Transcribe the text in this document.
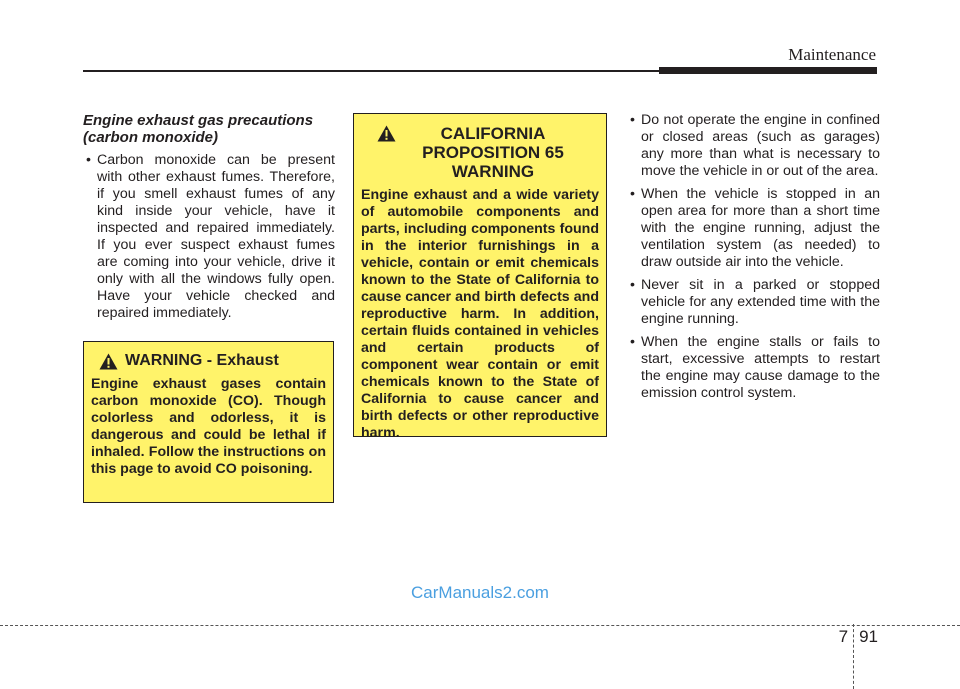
Maintenance

Engine exhaust gas precautions (carbon monoxide)

• Carbon monoxide can be present with other exhaust fumes. Therefore, if you smell exhaust fumes of any kind inside your vehicle, have it inspected and repaired immediately. If you ever suspect exhaust fumes are coming into your vehicle, drive it only with all the windows fully open. Have your vehicle checked and repaired immediately.
WARNING - Exhaust

Engine exhaust gases contain carbon monoxide (CO). Though colorless and odorless, it is dangerous and could be lethal if inhaled. Follow the instructions on this page to avoid CO poisoning.

CALIFORNIA PROPOSITION 65 WARNING

Engine exhaust and a wide variety of automobile components and parts, including components found in the interior furnishings in a vehicle, contain or emit chemicals known to the State of California to cause cancer and birth defects and reproductive harm. In addition, certain fluids contained in vehicles and certain products of component wear contain or emit chemicals known to the State of California to cause cancer and birth defects or other reproductive harm.

• Do not operate the engine in confined or closed areas (such as garages) any more than what is necessary to move the vehicle in or out of the area.
• When the vehicle is stopped in an open area for more than a short time with the engine running, adjust the ventilation system (as needed) to draw outside air into the vehicle.
• Never sit in a parked or stopped vehicle for any extended time with the engine running.
• When the engine stalls or fails to start, excessive attempts to restart the engine may cause damage to the emission control system.
CarManuals2.com
7 91
